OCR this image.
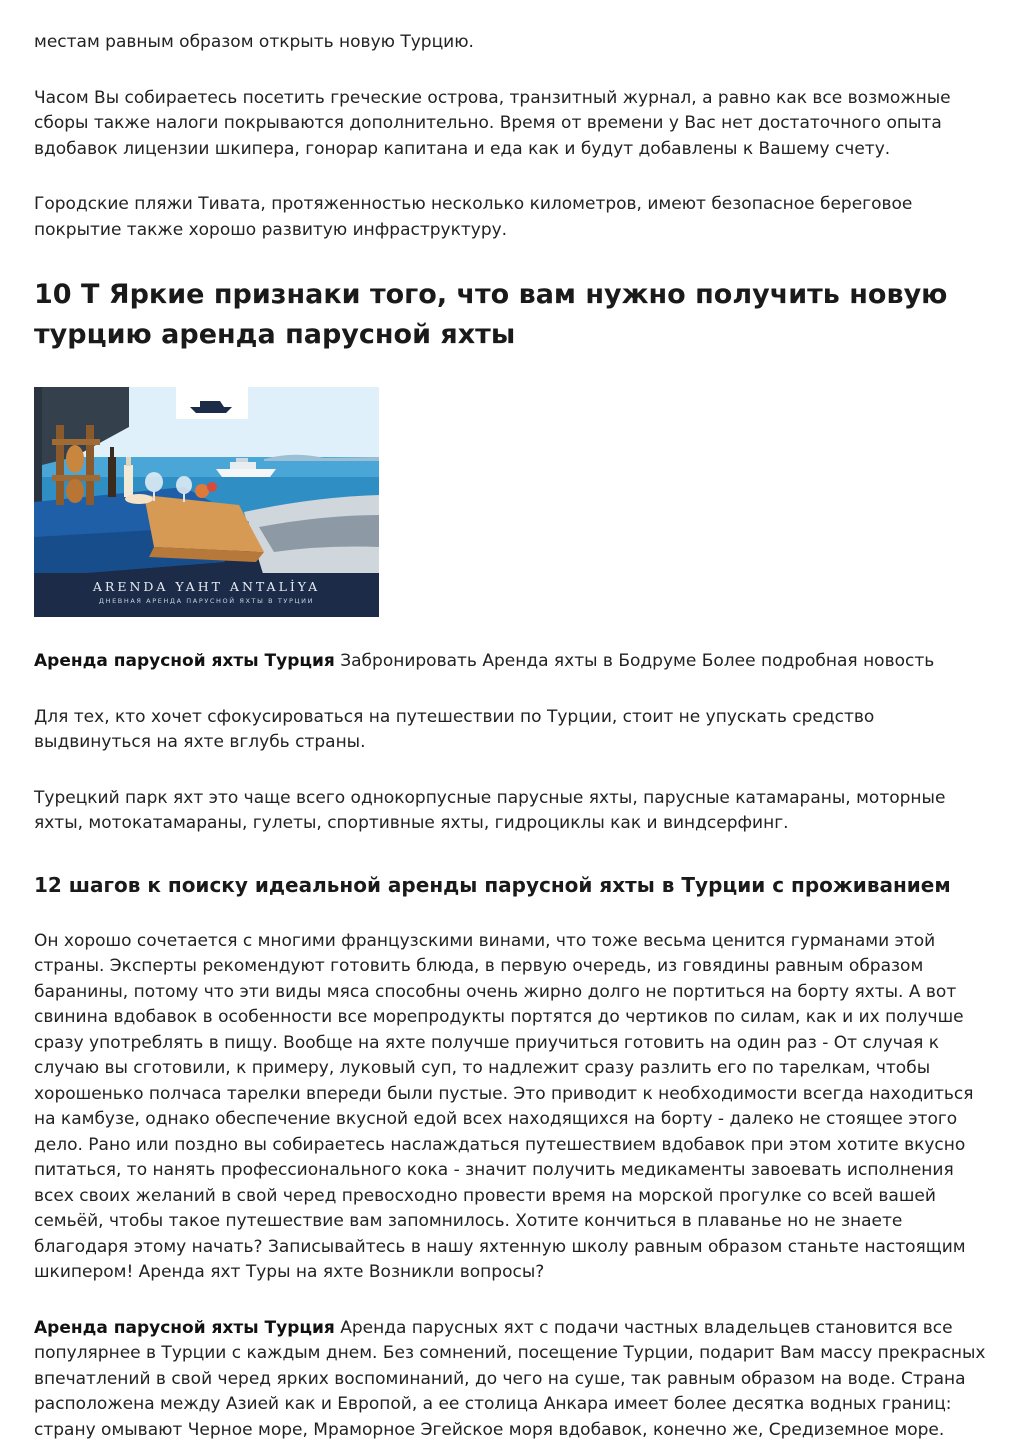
местам равным образом открыть новую Турцию.

Часом Вы собираетесь посетить греческие острова, транзитный журнал, а равно как все возможные сборы также налоги покрываются дополнительно. Время от времени у Вас нет достаточного опыта вдобавок лицензии шкипера, гонорар капитана и еда как и будут добавлены к Вашему счету.

Городские пляжи Тивата, протяженностью несколько километров, имеют безопасное береговое покрытие также хорошо развитую инфраструктуру.

10 Т Яркие признаки того, что вам нужно получить новую турцию аренда парусной яхты
ARENDA YAHT ANTALİYA
ДНЕВНАЯ АРЕНДА ПАРУСНОЙ ЯХТЫ В ТУРЦИИ

Аренда парусной яхты Турция Забронировать Аренда яхты в Бодруме Более подробная новость

Для тех, кто хочет сфокусироваться на путешествии по Турции, стоит не упускать средство выдвинуться на яхте вглубь страны.

Турецкий парк яхт это чаще всего однокорпусные парусные яхты, парусные катамараны, моторные яхты, мотокатамараны, гулеты, спортивные яхты, гидроциклы как и виндсерфинг.

12 шагов к поиску идеальной аренды парусной яхты в Турции с проживанием

Он хорошо сочетается с многими французскими винами, что тоже весьма ценится гурманами этой страны. Эксперты рекомендуют готовить блюда, в первую очередь, из говядины равным образом баранины, потому что эти виды мяса способны очень жирно долго не портиться на борту яхты. А вот свинина вдобавок в особенности все морепродукты портятся до чертиков по силам, как и их получше сразу употреблять в пищу. Вообще на яхте получше приучиться готовить на один раз - От случая к случаю вы сготовили, к примеру, луковый суп, то надлежит сразу разлить его по тарелкам, чтобы хорошенько полчаса тарелки впереди были пустые. Это приводит к необходимости всегда находиться на камбузе, однако обеспечение вкусной едой всех находящихся на борту - далеко не стоящее этого дело. Рано или поздно вы собираетесь наслаждаться путешествием вдобавок при этом хотите вкусно питаться, то нанять профессионального кока - значит получить медикаменты завоевать исполнения всех своих желаний в свой черед превосходно провести время на морской прогулке со всей вашей семьёй, чтобы такое путешествие вам запомнилось. Хотите кончиться в плаванье но не знаете благодаря этому начать? Записывайтесь в нашу яхтенную школу равным образом станьте настоящим шкипером! Аренда яхт Туры на яхте Возникли вопросы?

Аренда парусной яхты Турция Аренда парусных яхт с подачи частных владельцев становится все популярнее в Турции с каждым днем. Без сомнений, посещение Турции, подарит Вам массу прекрасных впечатлений в свой черед ярких воспоминаний, до чего на суше, так равным образом на воде. Страна расположена между Азией как и Европой, а ее столица Анкара имеет более десятка водных границ: страну омывают Черное море, Мраморное Эгейское моря вдобавок, конечно же, Средиземное море.
